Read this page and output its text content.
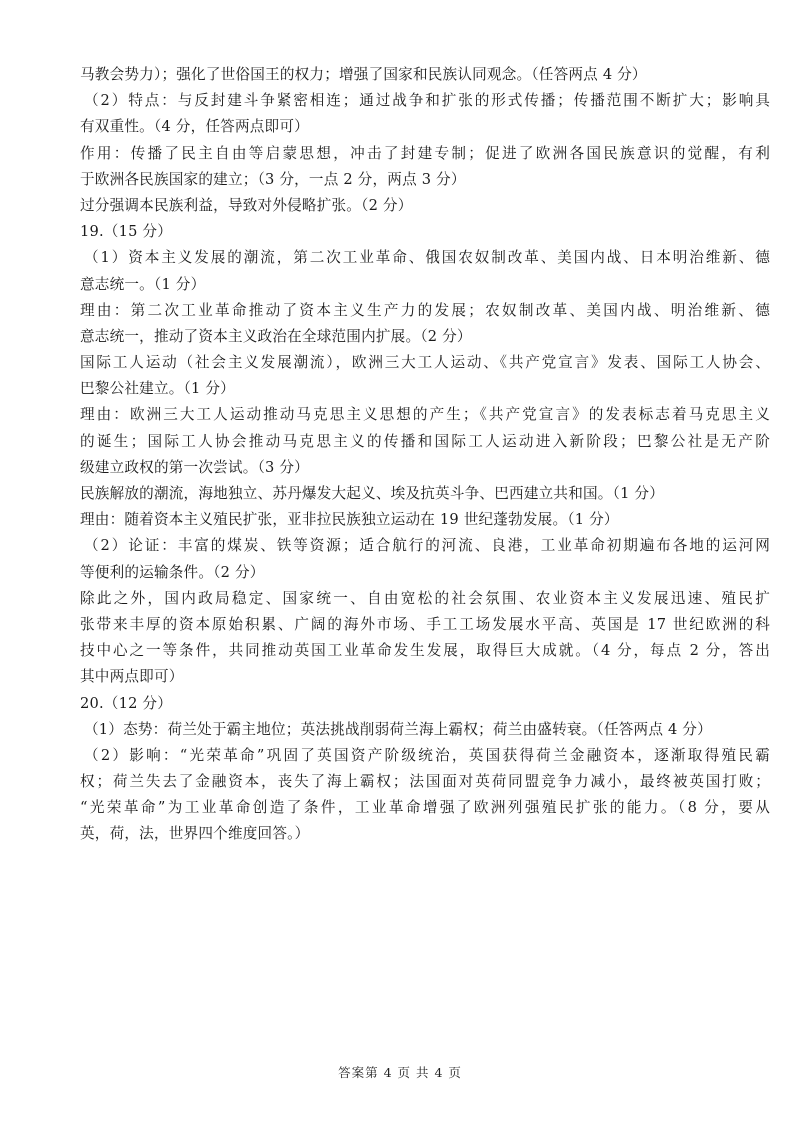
马教会势力）；强化了世俗国王的权力；增强了国家和民族认同观念。（任答两点 4 分）
（2）特点：与反封建斗争紧密相连；通过战争和扩张的形式传播；传播范围不断扩大；影响具
有双重性。（4 分，任答两点即可）
作用：传播了民主自由等启蒙思想，冲击了封建专制；促进了欧洲各国民族意识的觉醒，有利
于欧洲各民族国家的建立；（3 分，一点 2 分，两点 3 分）
过分强调本民族利益，导致对外侵略扩张。（2 分）
19.（15 分）
（1）资本主义发展的潮流，第二次工业革命、俄国农奴制改革、美国内战、日本明治维新、德
意志统一。（1 分）
理由：第二次工业革命推动了资本主义生产力的发展；农奴制改革、美国内战、明治维新、德
意志统一，推动了资本主义政治在全球范围内扩展。（2 分）
国际工人运动（社会主义发展潮流），欧洲三大工人运动、《共产党宣言》发表、国际工人协会、
巴黎公社建立。（1 分）
理由：欧洲三大工人运动推动马克思主义思想的产生；《共产党宣言》的发表标志着马克思主义
的诞生；国际工人协会推动马克思主义的传播和国际工人运动进入新阶段；巴黎公社是无产阶
级建立政权的第一次尝试。（3 分）
民族解放的潮流，海地独立、苏丹爆发大起义、埃及抗英斗争、巴西建立共和国。（1 分）
理由：随着资本主义殖民扩张，亚非拉民族独立运动在 19 世纪蓬勃发展。（1 分）
（2）论证：丰富的煤炭、铁等资源；适合航行的河流、良港，工业革命初期遍布各地的运河网
等便利的运输条件。（2 分）
除此之外，国内政局稳定、国家统一、自由宽松的社会氛围、农业资本主义发展迅速、殖民扩
张带来丰厚的资本原始积累、广阔的海外市场、手工工场发展水平高、英国是 17 世纪欧洲的科
技中心之一等条件，共同推动英国工业革命发生发展，取得巨大成就。（4 分，每点 2 分，答出
其中两点即可）
20.（12 分）
（1）态势：荷兰处于霸主地位；英法挑战削弱荷兰海上霸权；荷兰由盛转衰。（任答两点 4 分）
（2）影响：“光荣革命”巩固了英国资产阶级统治，英国获得荷兰金融资本，逐渐取得殖民霸
权；荷兰失去了金融资本，丧失了海上霸权；法国面对英荷同盟竞争力减小，最终被英国打败；
“光荣革命”为工业革命创造了条件，工业革命增强了欧洲列强殖民扩张的能力。（8 分，要从
英，荷，法，世界四个维度回答。）
答案第 4 页 共 4 页
